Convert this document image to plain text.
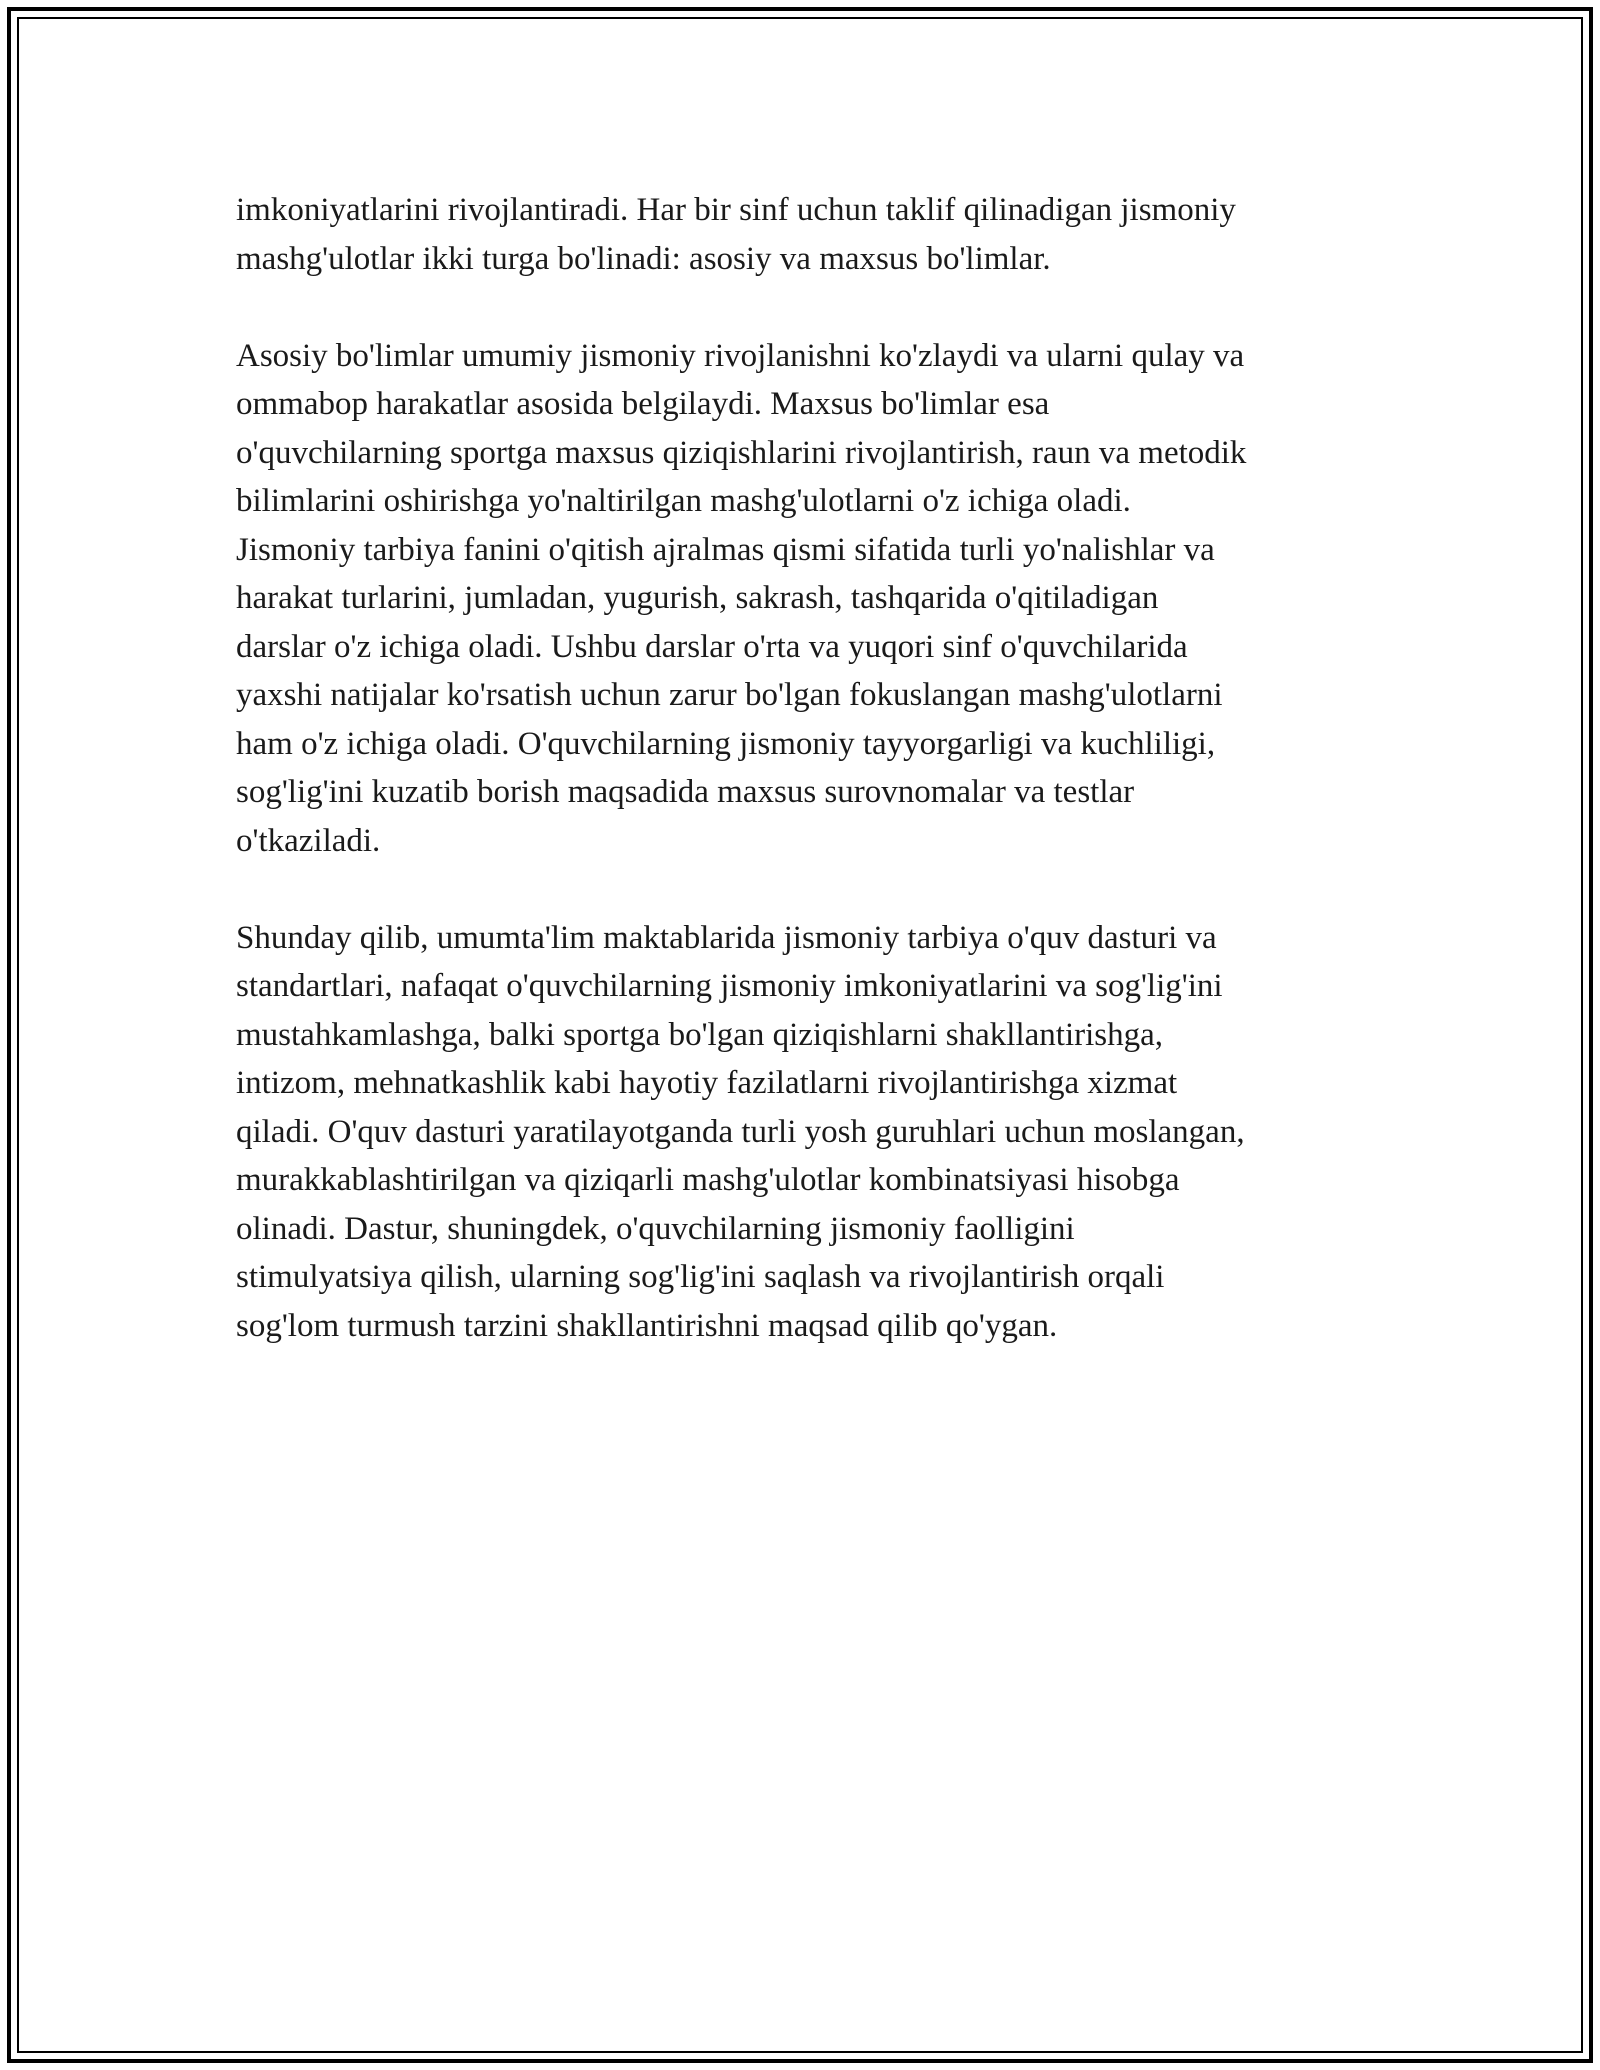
imkoniyatlarini rivojlantiradi. Har bir sinf uchun taklif qilinadigan jismoniy
mashg'ulotlar ikki turga bo'linadi: asosiy va maxsus bo'limlar.

Asosiy bo'limlar umumiy jismoniy rivojlanishni ko'zlaydi va ularni qulay va
ommabop harakatlar asosida belgilaydi. Maxsus bo'limlar esa
o'quvchilarning sportga maxsus qiziqishlarini rivojlantirish, raun va metodik
bilimlarini oshirishga yo'naltirilgan mashg'ulotlarni o'z ichiga oladi.
Jismoniy tarbiya fanini o'qitish ajralmas qismi sifatida turli yo'nalishlar va
harakat turlarini, jumladan, yugurish, sakrash, tashqarida o'qitiladigan
darslar o'z ichiga oladi. Ushbu darslar o'rta va yuqori sinf o'quvchilarida
yaxshi natijalar ko'rsatish uchun zarur bo'lgan fokuslangan mashg'ulotlarni
ham o'z ichiga oladi. O'quvchilarning jismoniy tayyorgarligi va kuchliligi,
sog'lig'ini kuzatib borish maqsadida maxsus surovnomalar va testlar
o'tkaziladi.

Shunday qilib, umumta'lim maktablarida jismoniy tarbiya o'quv dasturi va
standartlari, nafaqat o'quvchilarning jismoniy imkoniyatlarini va sog'lig'ini
mustahkamlashga, balki sportga bo'lgan qiziqishlarni shakllantirishga,
intizom, mehnatkashlik kabi hayotiy fazilatlarni rivojlantirishga xizmat
qiladi. O'quv dasturi yaratilayotganda turli yosh guruhlari uchun moslangan,
murakkablashtirilgan va qiziqarli mashg'ulotlar kombinatsiyasi hisobga
olinadi. Dastur, shuningdek, o'quvchilarning jismoniy faolligini
stimulyatsiya qilish, ularning sog'lig'ini saqlash va rivojlantirish orqali
sog'lom turmush tarzini shakllantirishni maqsad qilib qo'ygan.
